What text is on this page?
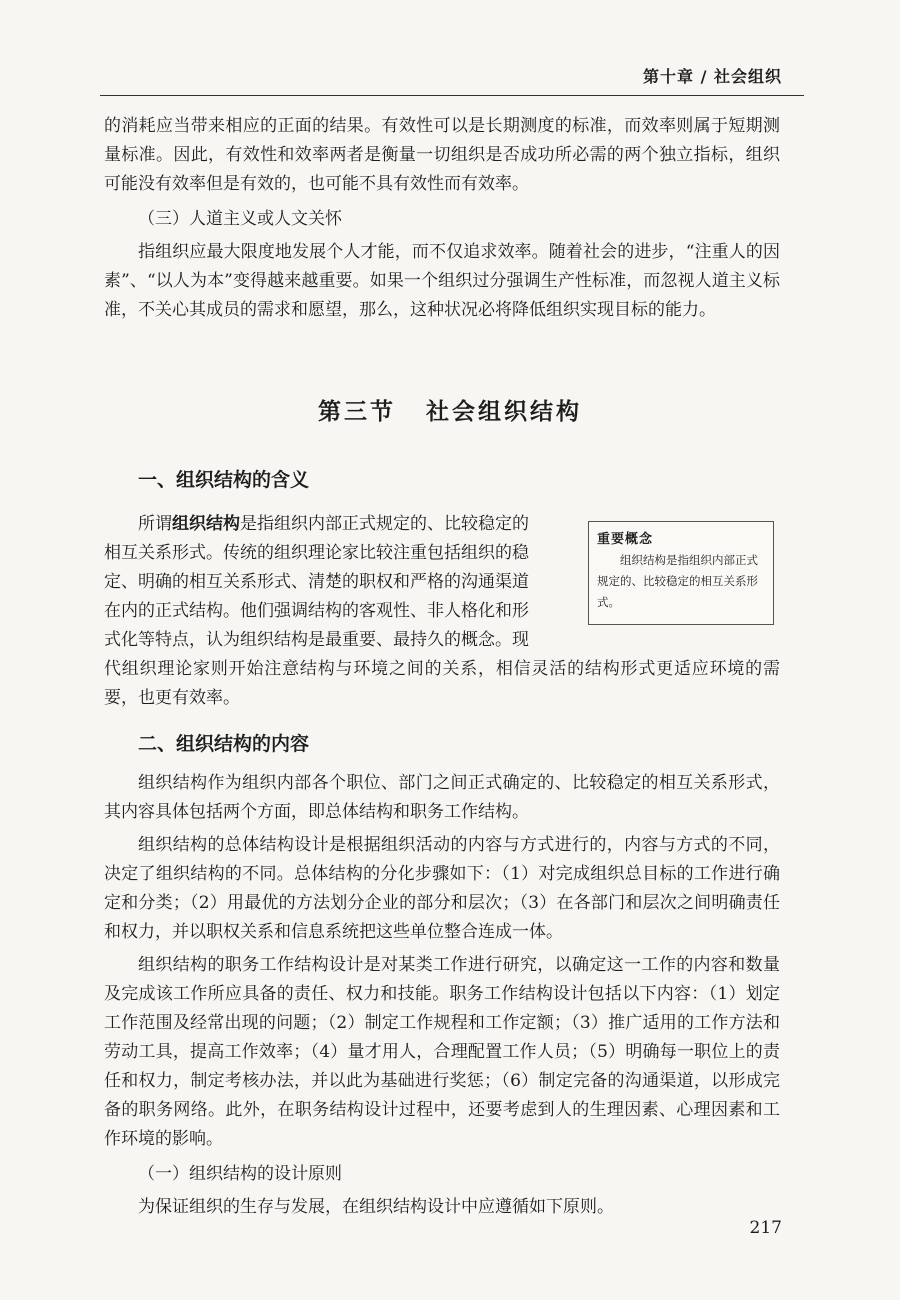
第十章 / 社会组织

的消耗应当带来相应的正面的结果。有效性可以是长期测度的标准，而效率则属于短期测量标准。因此，有效性和效率两者是衡量一切组织是否成功所必需的两个独立指标，组织可能没有效率但是有效的，也可能不具有效性而有效率。

（三）人道主义或人文关怀

指组织应最大限度地发展个人才能，而不仅追求效率。随着社会的进步，“注重人的因素”、“以人为本”变得越来越重要。如果一个组织过分强调生产性标准，而忽视人道主义标准，不关心其成员的需求和愿望，那么，这种状况必将降低组织实现目标的能力。

第三节 社会组织结构

一、组织结构的含义

所谓组织结构是指组织内部正式规定的、比较稳定的

相互关系形式。传统的组织理论家比较注重包括组织的稳

定、明确的相互关系形式、清楚的职权和严格的沟通渠道

在内的正式结构。他们强调结构的客观性、非人格化和形

式化等特点，认为组织结构是最重要、最持久的概念。现

重要概念

组织结构是指组织内部正式规定的、比较稳定的相互关系形式。

代组织理论家则开始注意结构与环境之间的关系，相信灵活的结构形式更适应环境的需要，也更有效率。

二、组织结构的内容

组织结构作为组织内部各个职位、部门之间正式确定的、比较稳定的相互关系形式，其内容具体包括两个方面，即总体结构和职务工作结构。

组织结构的总体结构设计是根据组织活动的内容与方式进行的，内容与方式的不同，决定了组织结构的不同。总体结构的分化步骤如下：（1）对完成组织总目标的工作进行确定和分类；（2）用最优的方法划分企业的部分和层次；（3）在各部门和层次之间明确责任和权力，并以职权关系和信息系统把这些单位整合连成一体。

组织结构的职务工作结构设计是对某类工作进行研究，以确定这一工作的内容和数量及完成该工作所应具备的责任、权力和技能。职务工作结构设计包括以下内容：（1）划定工作范围及经常出现的问题；（2）制定工作规程和工作定额；（3）推广适用的工作方法和劳动工具，提高工作效率；（4）量才用人，合理配置工作人员；（5）明确每一职位上的责任和权力，制定考核办法，并以此为基础进行奖惩；（6）制定完备的沟通渠道，以形成完备的职务网络。此外，在职务结构设计过程中，还要考虑到人的生理因素、心理因素和工作环境的影响。

（一）组织结构的设计原则

为保证组织的生存与发展，在组织结构设计中应遵循如下原则。

217
